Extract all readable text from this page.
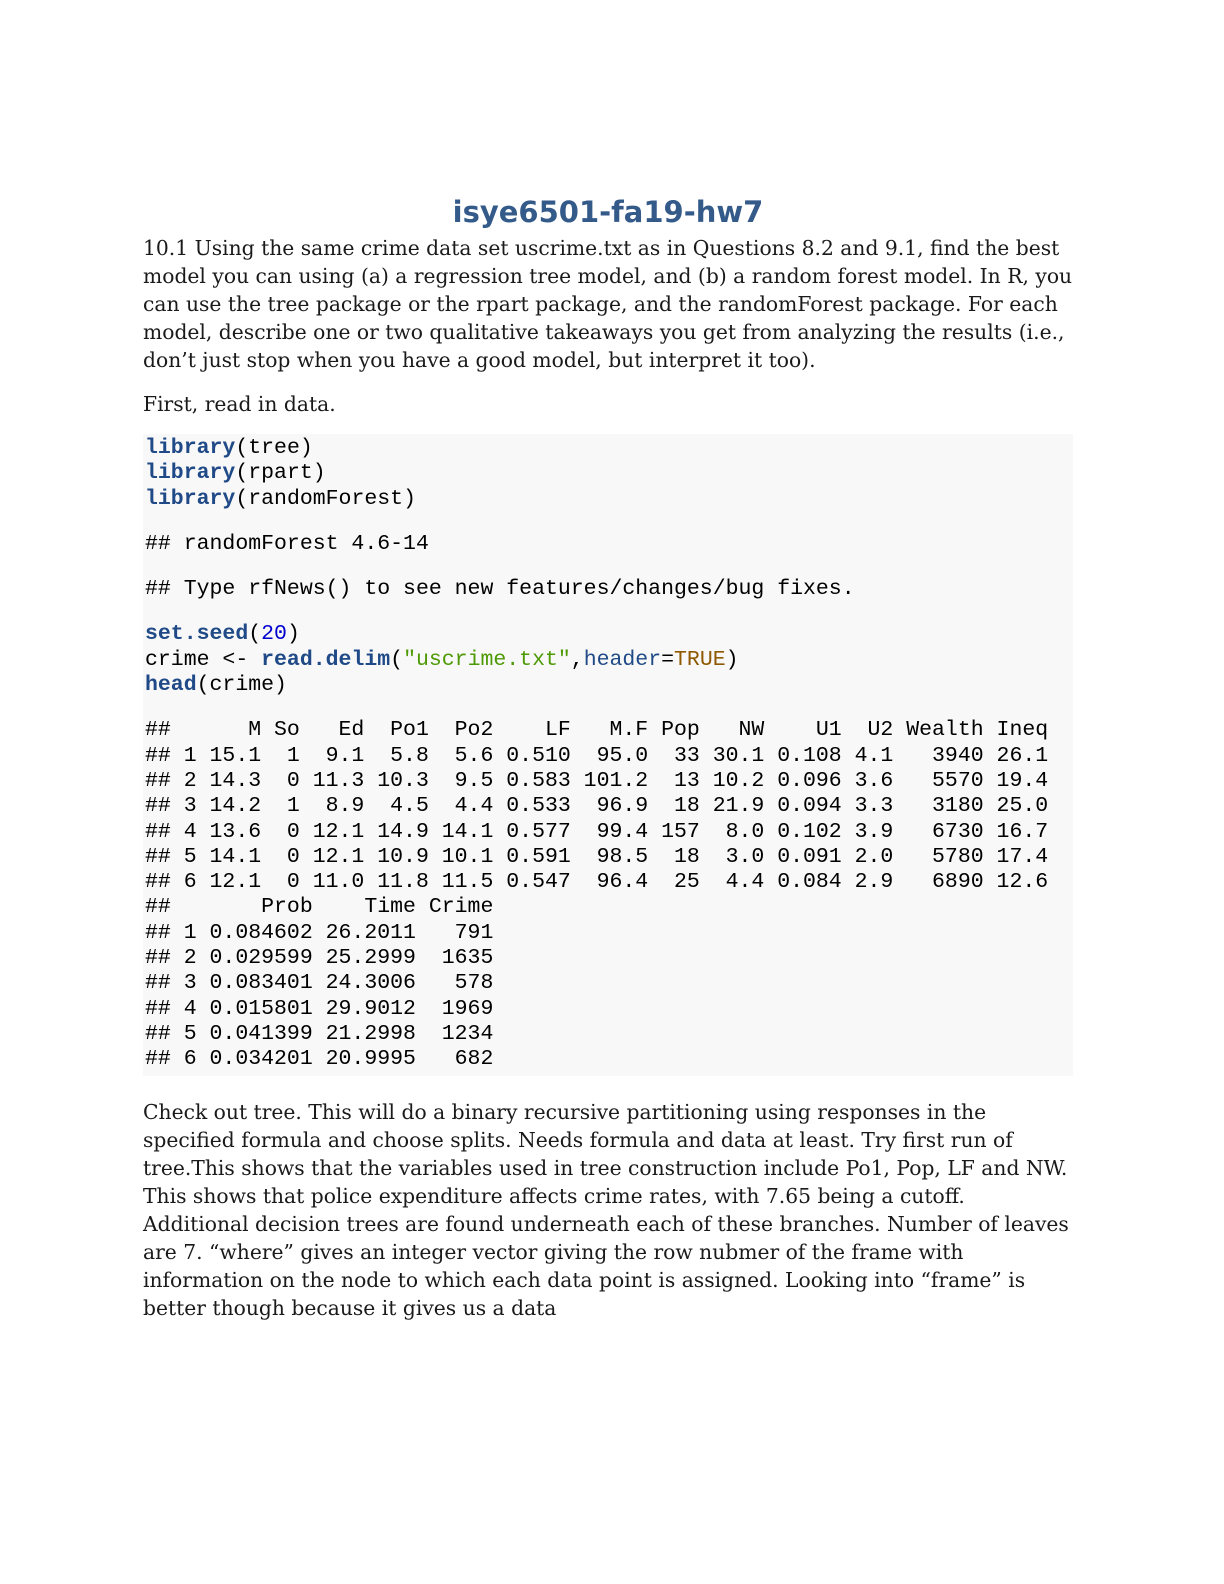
isye6501-fa19-hw7

10.1 Using the same crime data set uscrime.txt as in Questions 8.2 and 9.1, find the best model you can using (a) a regression tree model, and (b) a random forest model. In R, you can use the tree package or the rpart package, and the randomForest package. For each model, describe one or two qualitative takeaways you get from analyzing the results (i.e., don’t just stop when you have a good model, but interpret it too).

First, read in data.

library(tree)
library(rpart)
library(randomForest)
## randomForest 4.6-14
## Type rfNews() to see new features/changes/bug fixes.
set.seed(20)
crime <- read.delim("uscrime.txt",header=TRUE)
head(crime)
##      M So   Ed  Po1  Po2    LF   M.F Pop   NW    U1  U2 Wealth Ineq
## 1 15.1  1  9.1  5.8  5.6 0.510  95.0  33 30.1 0.108 4.1   3940 26.1
## 2 14.3  0 11.3 10.3  9.5 0.583 101.2  13 10.2 0.096 3.6   5570 19.4
## 3 14.2  1  8.9  4.5  4.4 0.533  96.9  18 21.9 0.094 3.3   3180 25.0
## 4 13.6  0 12.1 14.9 14.1 0.577  99.4 157  8.0 0.102 3.9   6730 16.7
## 5 14.1  0 12.1 10.9 10.1 0.591  98.5  18  3.0 0.091 2.0   5780 17.4
## 6 12.1  0 11.0 11.8 11.5 0.547  96.4  25  4.4 0.084 2.9   6890 12.6
##       Prob    Time Crime
## 1 0.084602 26.2011   791
## 2 0.029599 25.2999  1635
## 3 0.083401 24.3006   578
## 4 0.015801 29.9012  1969
## 5 0.041399 21.2998  1234
## 6 0.034201 20.9995   682

Check out tree. This will do a binary recursive partitioning using responses in the specified formula and choose splits. Needs formula and data at least. Try first run of tree.This shows that the variables used in tree construction include Po1, Pop, LF and NW. This shows that police expenditure affects crime rates, with 7.65 being a cutoff. Additional decision trees are found underneath each of these branches. Number of leaves are 7. “where” gives an integer vector giving the row nubmer of the frame with information on the node to which each data point is assigned. Looking into “frame” is better though because it gives us a data
